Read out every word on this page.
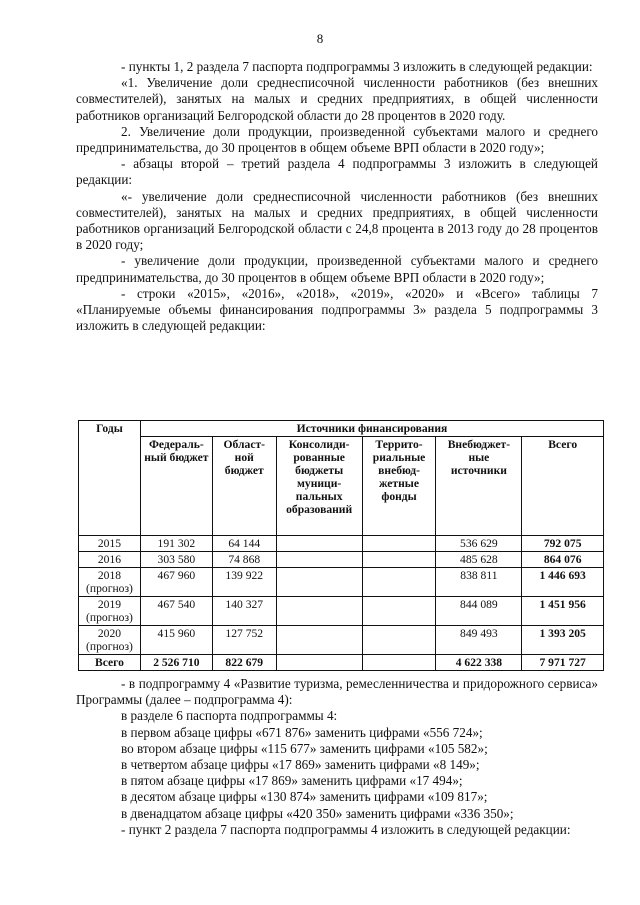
8

- пункты 1, 2 раздела 7 паспорта подпрограммы 3 изложить в следующей редакции:

«1. Увеличение доли среднесписочной численности работников (без внешних совместителей), занятых на малых и средних предприятиях, в общей численности работников организаций Белгородской области до 28 процентов в 2020 году.

2. Увеличение доли продукции, произведенной субъектами малого и среднего предпринимательства, до 30 процентов в общем объеме ВРП области в 2020 году»;

- абзацы второй – третий раздела 4 подпрограммы 3 изложить в следующей редакции:

«- увеличение доли среднесписочной численности работников (без внешних совместителей), занятых на малых и средних предприятиях, в общей численности работников организаций Белгородской области с 24,8 процента в 2013 году до 28 процентов в 2020 году;

- увеличение доли продукции, произведенной субъектами малого и среднего предпринимательства, до 30 процентов в общем объеме ВРП области в 2020 году»;

- строки «2015», «2016», «2018», «2019», «2020» и «Всего» таблицы 7 «Планируемые объемы финансирования подпрограммы 3» раздела 5 подпрограммы 3 изложить в следующей редакции:

Годы	Источники финансирования					
	Федераль-ный бюджет	Област-ной бюджет	Консолиди-рованные бюджеты муници-пальных образований	Террито-риальные внебюд-жетные фонды	Внебюджет-ные источники	Всего
2015	191 302	64 144			536 629	792 075
2016	303 580	74 868			485 628	864 076
2018 (прогноз)	467 960	139 922			838 811	1 446 693
2019 (прогноз)	467 540	140 327			844 089	1 451 956
2020 (прогноз)	415 960	127 752			849 493	1 393 205
Всего	2 526 710	822 679			4 622 338	7 971 727

- в подпрограмму 4 «Развитие туризма, ремесленничества и придорожного сервиса» Программы (далее – подпрограмма 4):

в разделе 6 паспорта подпрограммы 4:

в первом абзаце цифры «671 876» заменить цифрами «556 724»;

во втором абзаце цифры «115 677» заменить цифрами «105 582»;

в четвертом абзаце цифры «17 869» заменить цифрами «8 149»;

в пятом абзаце цифры «17 869» заменить цифрами «17 494»;

в десятом абзаце цифры «130 874» заменить цифрами «109 817»;

в двенадцатом абзаце цифры «420 350» заменить цифрами «336 350»;

- пункт 2 раздела 7 паспорта подпрограммы 4 изложить в следующей редакции:
